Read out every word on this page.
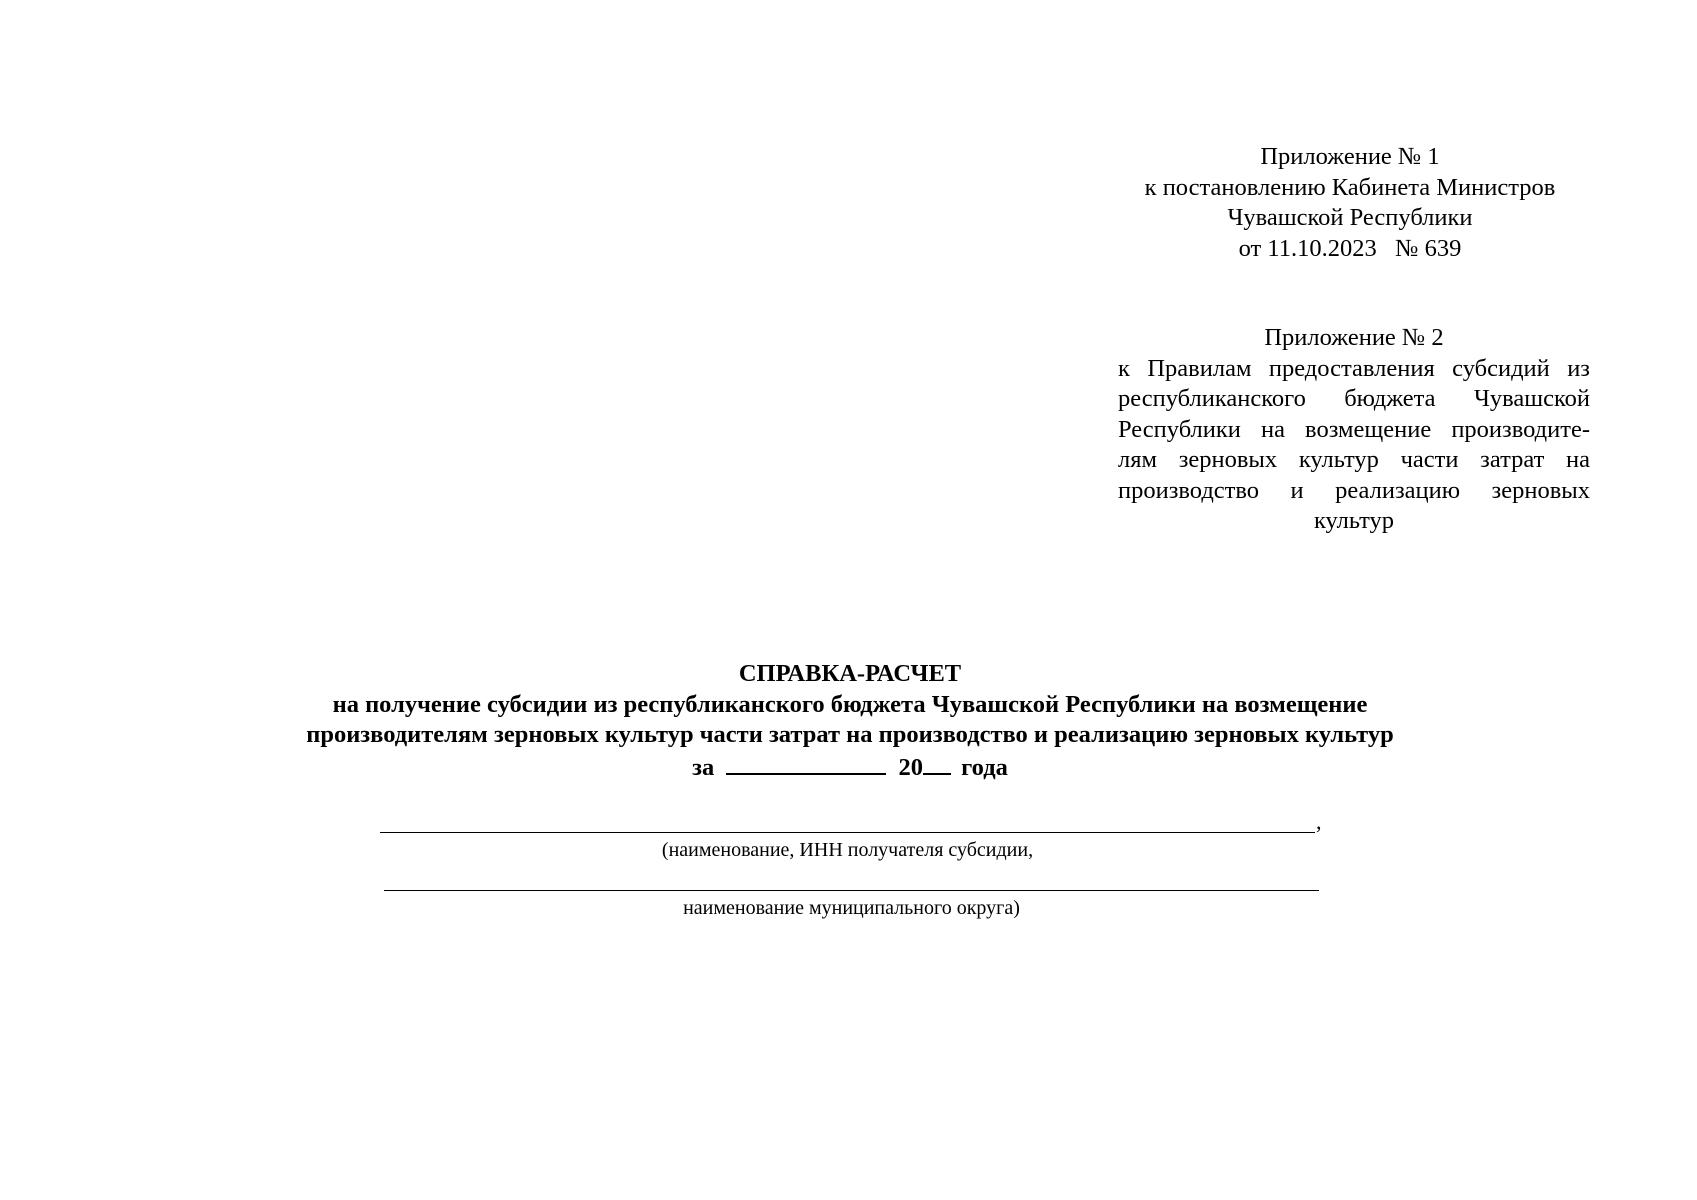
Приложение № 1
к постановлению Кабинета Министров
Чувашской Республики
от 11.10.2023   № 639
Приложение № 2
к Правилам предоставления субсидий из
республиканского бюджета Чувашской
Республики на возмещение производите-
лям зерновых культур части затрат на
производство и реализацию зерновых
культур
СПРАВКА-РАСЧЕТ
на получение субсидии из республиканского бюджета Чувашской Республики на возмещение
производителям зерновых культур части затрат на производство и реализацию зерновых культур
за	20 года
,
(наименование, ИНН получателя субсидии,
наименование муниципального округа)
